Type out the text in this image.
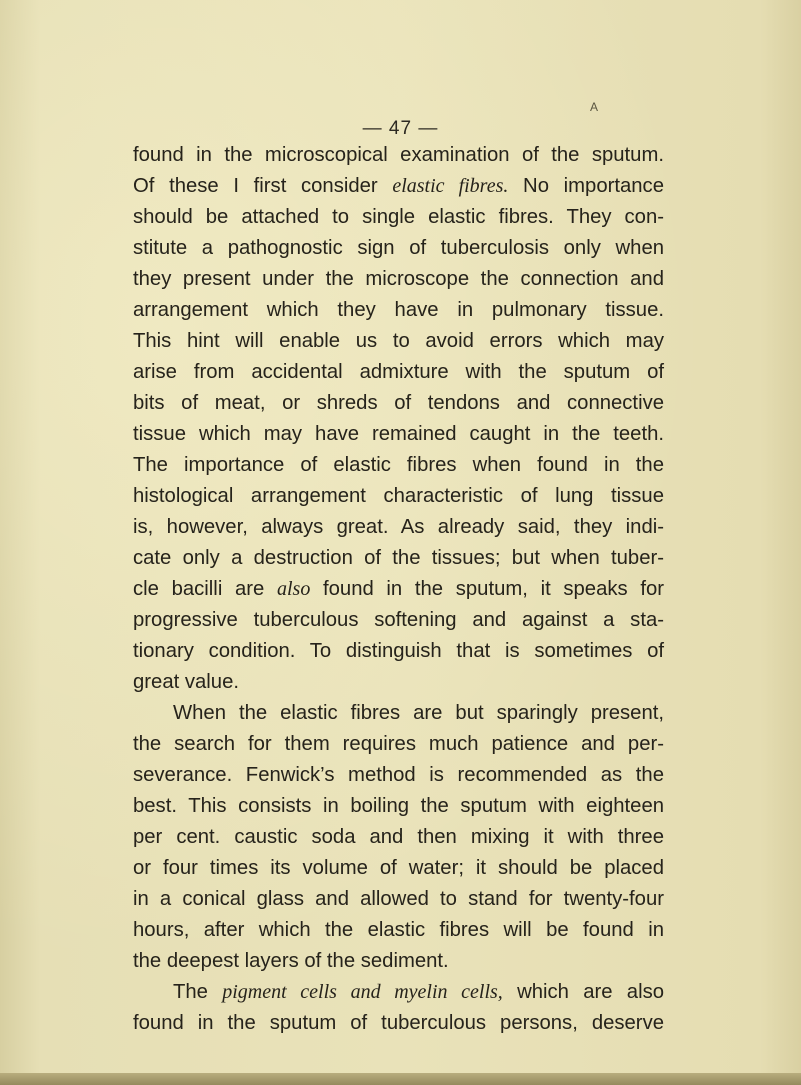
A
— 47 —
found in the microscopical examination of the sputum.
Of these I first consider elastic fibres. No importance
should be attached to single elastic fibres. They con-
stitute a pathognostic sign of tuberculosis only when
they present under the microscope the connection and
arrangement which they have in pulmonary tissue.
This hint will enable us to avoid errors which may
arise from accidental admixture with the sputum of
bits of meat, or shreds of tendons and connective
tissue which may have remained caught in the teeth.
The importance of elastic fibres when found in the
histological arrangement characteristic of lung tissue
is, however, always great. As already said, they indi-
cate only a destruction of the tissues; but when tuber-
cle bacilli are also found in the sputum, it speaks for
progressive tuberculous softening and against a sta-
tionary condition. To distinguish that is sometimes of
great value.
When the elastic fibres are but sparingly present,
the search for them requires much patience and per-
severance. Fenwick’s method is recommended as the
best. This consists in boiling the sputum with eighteen
per cent. caustic soda and then mixing it with three
or four times its volume of water; it should be placed
in a conical glass and allowed to stand for twenty-four
hours, after which the elastic fibres will be found in
the deepest layers of the sediment.
The pigment cells and myelin cells, which are also
found in the sputum of tuberculous persons, deserve
